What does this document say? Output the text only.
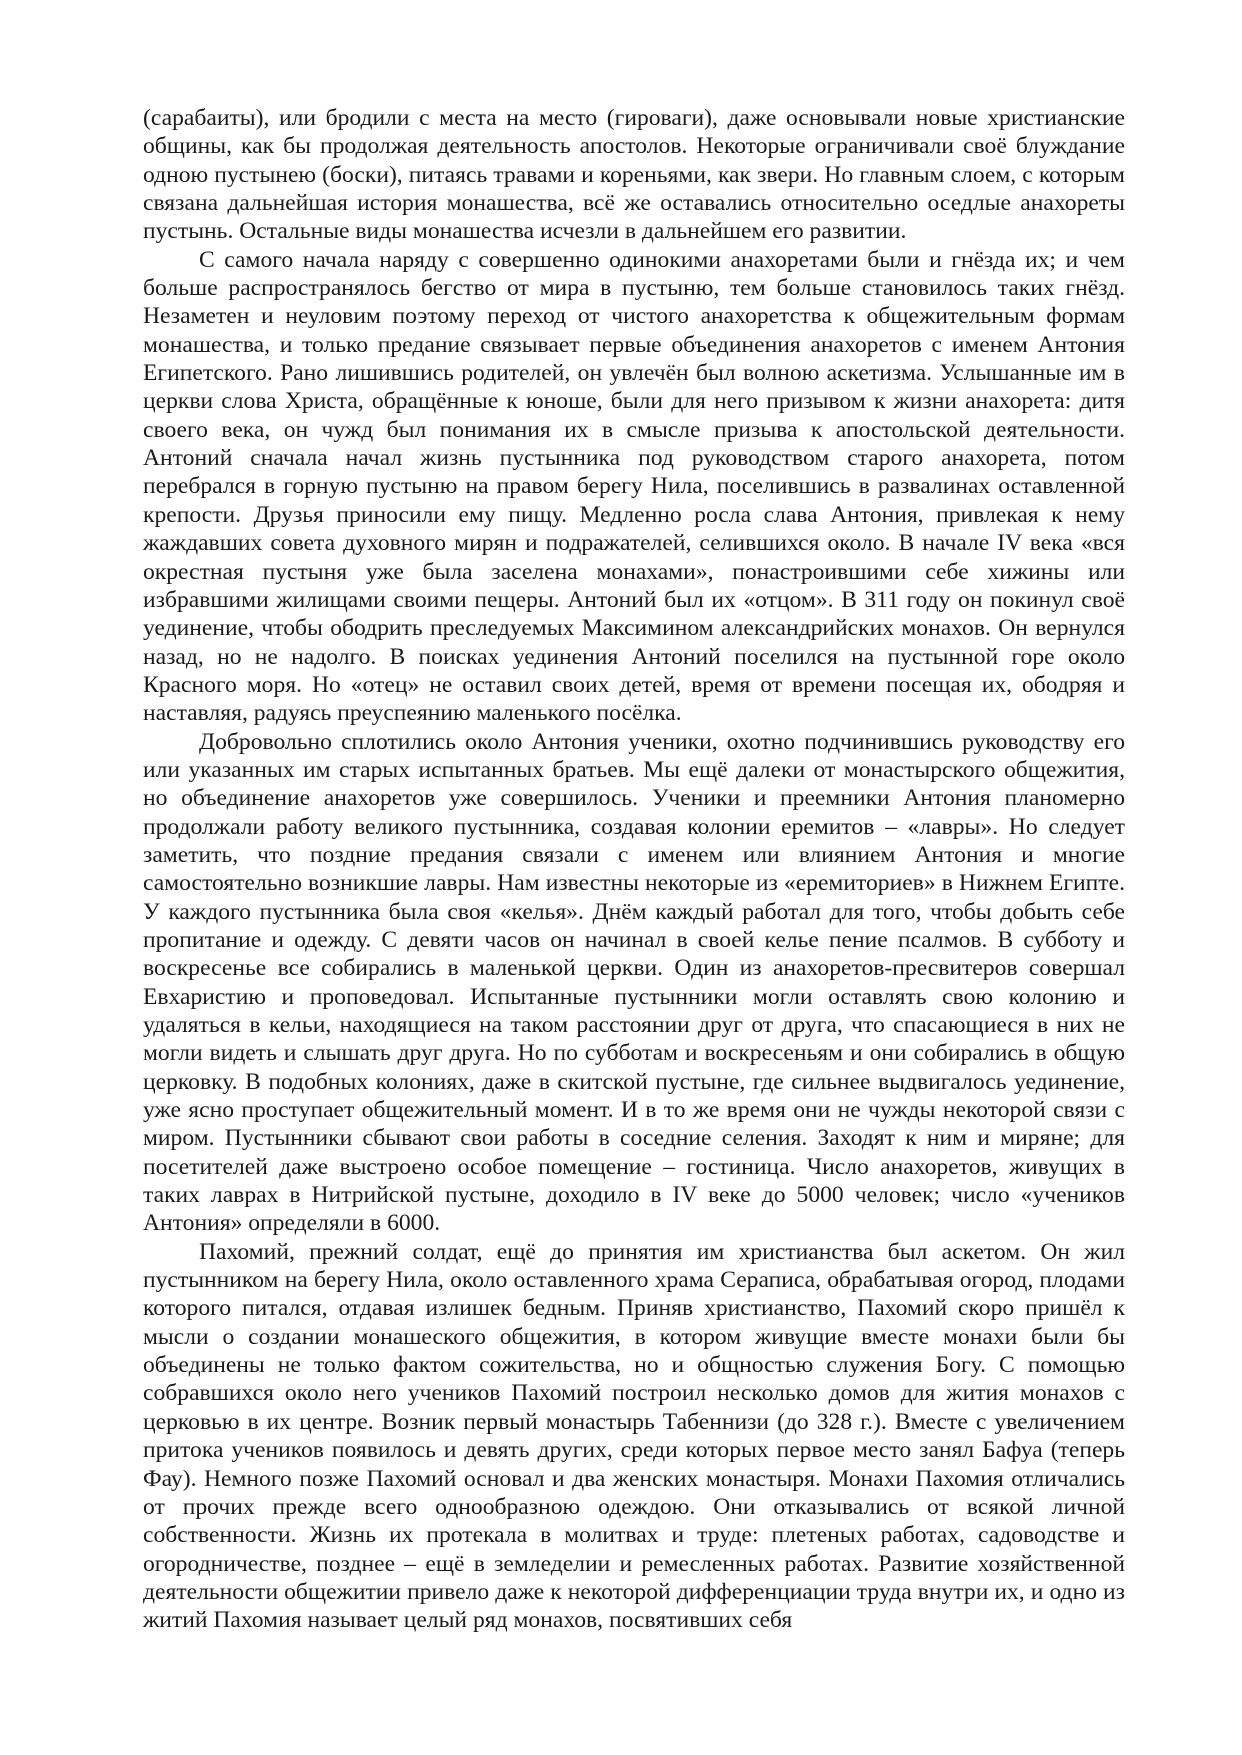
(сарабаиты), или бродили с места на место (гироваги), даже основывали новые христианские общины, как бы продолжая деятельность апостолов. Некоторые ограничивали своё блуждание одною пустынею (боски), питаясь травами и кореньями, как звери. Но главным слоем, с которым связана дальнейшая история монашества, всё же оставались относительно оседлые анахореты пустынь. Остальные виды монашества исчезли в дальнейшем его развитии.

С самого начала наряду с совершенно одинокими анахоретами были и гнёзда их; и чем больше распространялось бегство от мира в пустыню, тем больше становилось таких гнёзд. Незаметен и неуловим поэтому переход от чистого анахоретства к общежительным формам монашества, и только предание связывает первые объединения анахоретов с именем Антония Египетского. Рано лишившись родителей, он увлечён был волною аскетизма. Услышанные им в церкви слова Христа, обращённые к юноше, были для него призывом к жизни анахорета: дитя своего века, он чужд был понимания их в смысле призыва к апостольской деятельности. Антоний сначала начал жизнь пустынника под руководством старого анахорета, потом перебрался в горную пустыню на правом берегу Нила, поселившись в развалинах оставленной крепости. Друзья приносили ему пищу. Медленно росла слава Антония, привлекая к нему жаждавших совета духовного мирян и подражателей, селившихся около. В начале IV века «вся окрестная пустыня уже была заселена монахами», понастроившими себе хижины или избравшими жилищами своими пещеры. Антоний был их «отцом». В 311 году он покинул своё уединение, чтобы ободрить преследуемых Максимином александрийских монахов. Он вернулся назад, но не надолго. В поисках уединения Антоний поселился на пустынной горе около Красного моря. Но «отец» не оставил своих детей, время от времени посещая их, ободряя и наставляя, радуясь преуспеянию маленького посёлка.

Добровольно сплотились около Антония ученики, охотно подчинившись руководству его или указанных им старых испытанных братьев. Мы ещё далеки от монастырского общежития, но объединение анахоретов уже совершилось. Ученики и преемники Антония планомерно продолжали работу великого пустынника, создавая колонии еремитов – «лавры». Но следует заметить, что поздние предания связали с именем или влиянием Антония и многие самостоятельно возникшие лавры. Нам известны некоторые из «еремиториев» в Нижнем Египте. У каждого пустынника была своя «келья». Днём каждый работал для того, чтобы добыть себе пропитание и одежду. С девяти часов он начинал в своей келье пение псалмов. В субботу и воскресенье все собирались в маленькой церкви. Один из анахоретов-пресвитеров совершал Евхаристию и проповедовал. Испытанные пустынники могли оставлять свою колонию и удаляться в кельи, находящиеся на таком расстоянии друг от друга, что спасающиеся в них не могли видеть и слышать друг друга. Но по субботам и воскресеньям и они собирались в общую церковку. В подобных колониях, даже в скитской пустыне, где сильнее выдвигалось уединение, уже ясно проступает общежительный момент. И в то же время они не чужды некоторой связи с миром. Пустынники сбывают свои работы в соседние селения. Заходят к ним и миряне; для посетителей даже выстроено особое помещение – гостиница. Число анахоретов, живущих в таких лаврах в Нитрийской пустыне, доходило в IV веке до 5000 человек; число «учеников Антония» определяли в 6000.

Пахомий, прежний солдат, ещё до принятия им христианства был аскетом. Он жил пустынником на берегу Нила, около оставленного храма Сераписа, обрабатывая огород, плодами которого питался, отдавая излишек бедным. Приняв христианство, Пахомий скоро пришёл к мысли о создании монашеского общежития, в котором живущие вместе монахи были бы объединены не только фактом сожительства, но и общностью служения Богу. С помощью собравшихся около него учеников Пахомий построил несколько домов для жития монахов с церковью в их центре. Возник первый монастырь Табеннизи (до 328 г.). Вместе с увеличением притока учеников появилось и девять других, среди которых первое место занял Бафуа (теперь Фау). Немного позже Пахомий основал и два женских монастыря. Монахи Пахомия отличались от прочих прежде всего однообразною одеждою. Они отказывались от всякой личной собственности. Жизнь их протекала в молитвах и труде: плетеных работах, садоводстве и огородничестве, позднее – ещё в земледелии и ремесленных работах. Развитие хозяйственной деятельности общежитии привело даже к некоторой дифференциации труда внутри их, и одно из житий Пахомия называет целый ряд монахов, посвятивших себя
